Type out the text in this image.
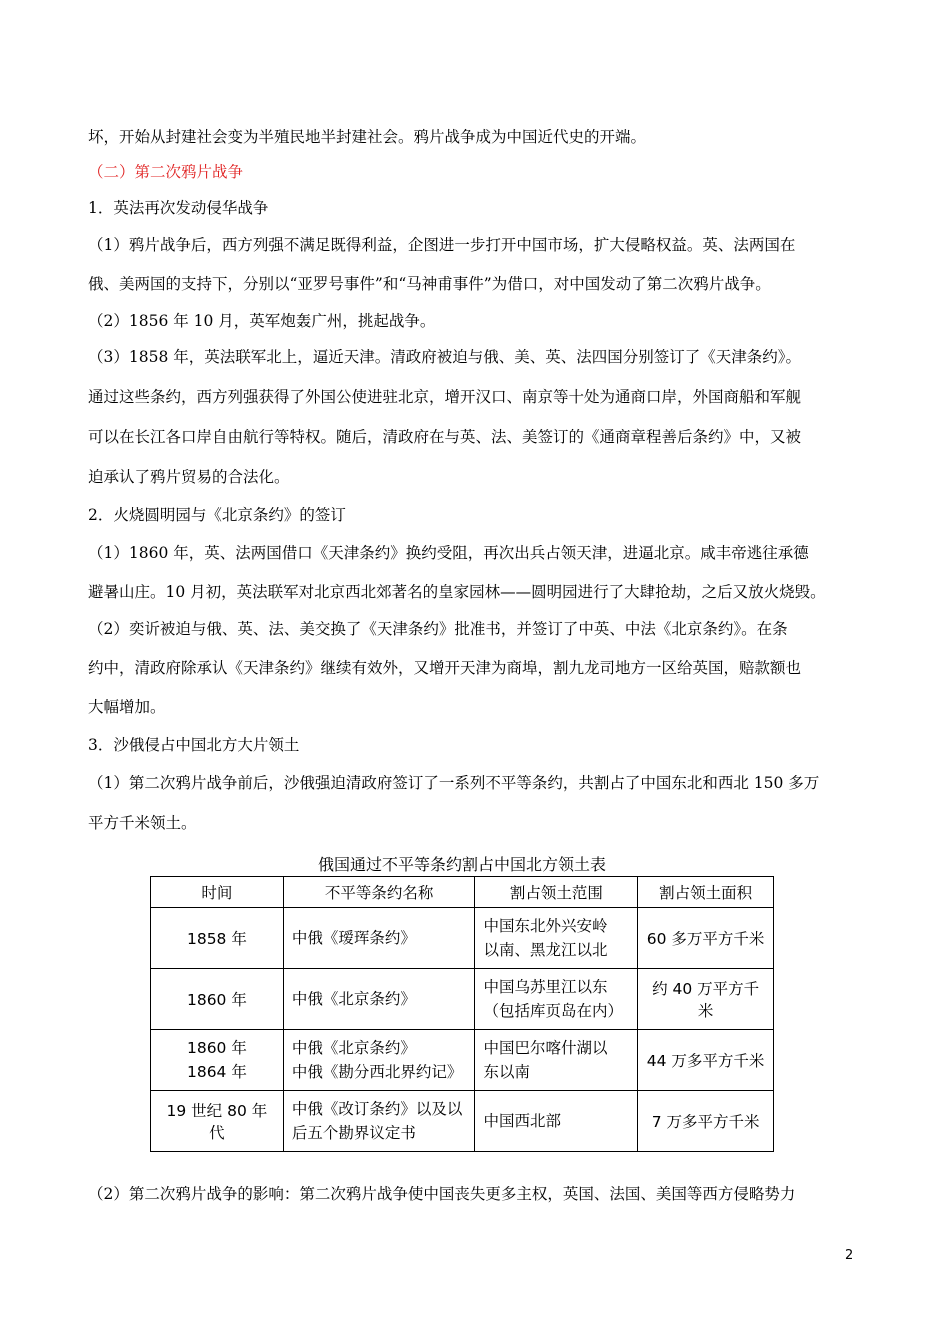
坏，开始从封建社会变为半殖民地半封建社会。鸦片战争成为中国近代史的开端。
（二）第二次鸦片战争
1．英法再次发动侵华战争
（1）鸦片战争后，西方列强不满足既得利益，企图进一步打开中国市场，扩大侵略权益。英、法两国在
俄、美两国的支持下，分别以“亚罗号事件”和“马神甫事件”为借口，对中国发动了第二次鸦片战争。
（2）1856 年 10 月，英军炮轰广州，挑起战争。
（3）1858 年，英法联军北上，逼近天津。清政府被迫与俄、美、英、法四国分别签订了《天津条约》。
通过这些条约，西方列强获得了外国公使进驻北京，增开汉口、南京等十处为通商口岸，外国商船和军舰
可以在长江各口岸自由航行等特权。随后，清政府在与英、法、美签订的《通商章程善后条约》中，又被
迫承认了鸦片贸易的合法化。
2．火烧圆明园与《北京条约》的签订
（1）1860 年，英、法两国借口《天津条约》换约受阻，再次出兵占领天津，进逼北京。咸丰帝逃往承德
避暑山庄。10 月初，英法联军对北京西北郊著名的皇家园林——圆明园进行了大肆抢劫，之后又放火烧毁。
（2）奕䜣被迫与俄、英、法、美交换了《天津条约》批准书，并签订了中英、中法《北京条约》。在条
约中，清政府除承认《天津条约》继续有效外，又增开天津为商埠，割九龙司地方一区给英国，赔款额也
大幅增加。
3．沙俄侵占中国北方大片领土
（1）第二次鸦片战争前后，沙俄强迫清政府签订了一系列不平等条约，共割占了中国东北和西北 150 多万
平方千米领土。
俄国通过不平等条约割占中国北方领土表
时间	不平等条约名称	割占领土范围	割占领土面积
1858 年	中俄《瑷珲条约》	中国东北外兴安岭
以南、黑龙江以北	60 多万平方千米
1860 年	中俄《北京条约》	中国乌苏里江以东
（包括库页岛在内）	约 40 万平方千米
1860 年
1864 年	中俄《北京条约》
中俄《勘分西北界约记》	中国巴尔喀什湖以
东以南	44 万多平方千米
19 世纪 80 年代	中俄《改订条约》以及以
后五个勘界议定书	中国西北部	7 万多平方千米
（2）第二次鸦片战争的影响：第二次鸦片战争使中国丧失更多主权，英国、法国、美国等西方侵略势力
2
